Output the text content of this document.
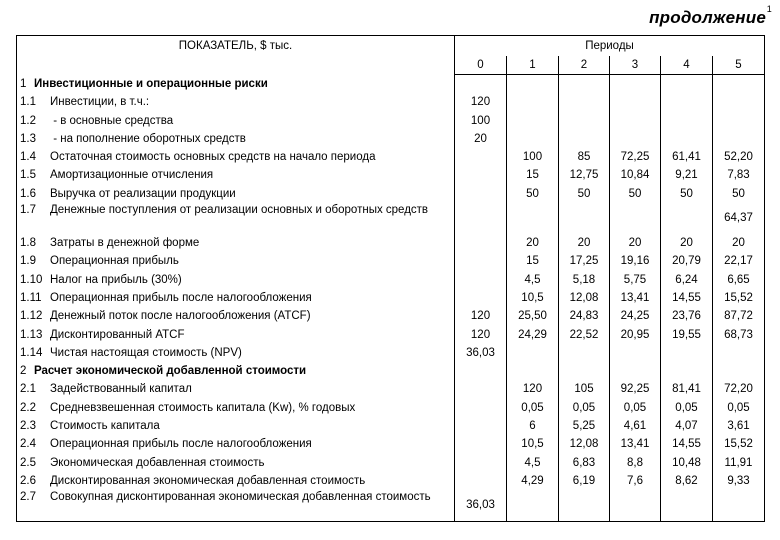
продолжение 1
ПОКАЗАТЕЛЬ, $ тыс.	Периоды					
	0	1	2	3	4	5
1 Инвестиционные и операционные риски						
1.1 Инвестиции, в т.ч.:	120					
1.2 - в основные средства	100					
1.3 - на пополнение оборотных средств	20					
1.4 Остаточная стоимость основных средств на начало периода		100	85	72,25	61,41	52,20
1.5 Амортизационные отчисления		15	12,75	10,84	9,21	7,83
1.6 Выручка от реализации продукции		50	50	50	50	50

1.7 Денежные поступления от реализации основных и оборотных средств						64,37
1.8 Затраты в денежной форме		20	20	20	20	20
1.9 Операционная прибыль		15	17,25	19,16	20,79	22,17
1.10 Налог на прибыль (30%)		4,5	5,18	5,75	6,24	6,65
1.11 Операционная прибыль после налогообложения		10,5	12,08	13,41	14,55	15,52
1.12 Денежный поток после налогообложения (ATCF)	120	25,50	24,83	24,25	23,76	87,72
1.13 Дисконтированный ATCF	120	24,29	22,52	20,95	19,55	68,73
1.14 Чистая настоящая стоимость (NPV)	36,03					
2 Расчет экономической добавленной стоимости						
2.1 Задействованный капитал		120	105	92,25	81,41	72,20
2.2 Средневзвешенная стоимость капитала (Kw), % годовых		0,05	0,05	0,05	0,05	0,05
2.3 Стоимость капитала		6	5,25	4,61	4,07	3,61
2.4 Операционная прибыль после налогообложения		10,5	12,08	13,41	14,55	15,52
2.5 Экономическая добавленная стоимость		4,5	6,83	8,8	10,48	11,91
2.6 Дисконтированная экономическая добавленная стоимость		4,29	6,19	7,6	8,62	9,33

2.7 Совокупная дисконтированная экономическая добавленная стоимость	36,03					
